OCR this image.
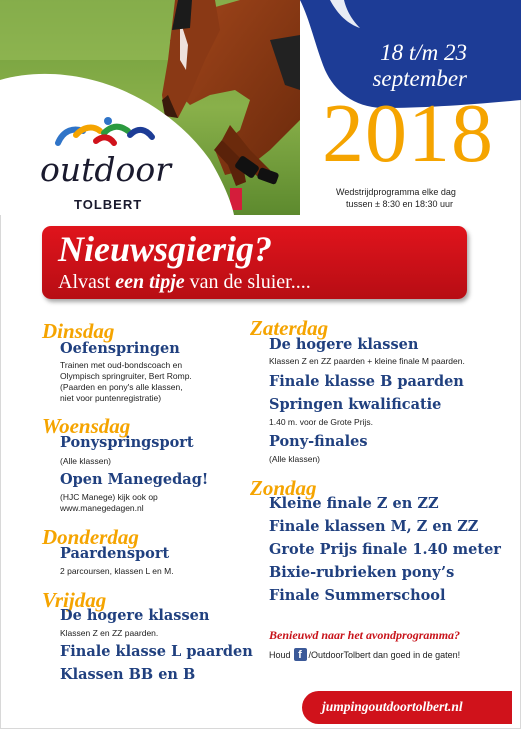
18 t/m 23
september
2018
outdoor
TOLBERT
Wedstrijdprogramma elke dag
tussen ± 8:30 en 18:30 uur
Nieuwsgierig?
Alvast een tipje van de sluier....
Dinsdag
Oefenspringen
Trainen met oud-bondscoach en
Olympisch springruiter, Bert Romp.
(Paarden en pony's alle klassen,
niet voor puntenregistratie)
Woensdag
Ponyspringsport
(Alle klassen)
Open Manegedag!
(HJC Manege) kijk ook op
www.manegedagen.nl
Donderdag
Paardensport
2 parcoursen, klassen L en M.
Vrijdag
De hogere klassen
Klassen Z en ZZ paarden.
Finale klasse L paarden
Klassen BB en B
Zaterdag
De hogere klassen
Klassen Z en ZZ paarden + kleine finale M paarden.
Finale klasse B paarden
Springen kwalificatie
1.40 m. voor de Grote Prijs.
Pony-finales
(Alle klassen)
Zondag
Kleine finale Z en ZZ
Finale klassen M, Z en ZZ
Grote Prijs finale 1.40 meter
Bixie-rubrieken pony’s
Finale Summerschool
Benieuwd naar het avondprogramma?
Houd f /OutdoorTolbert dan goed in de gaten!
jumpingoutdoortolbert.nl
